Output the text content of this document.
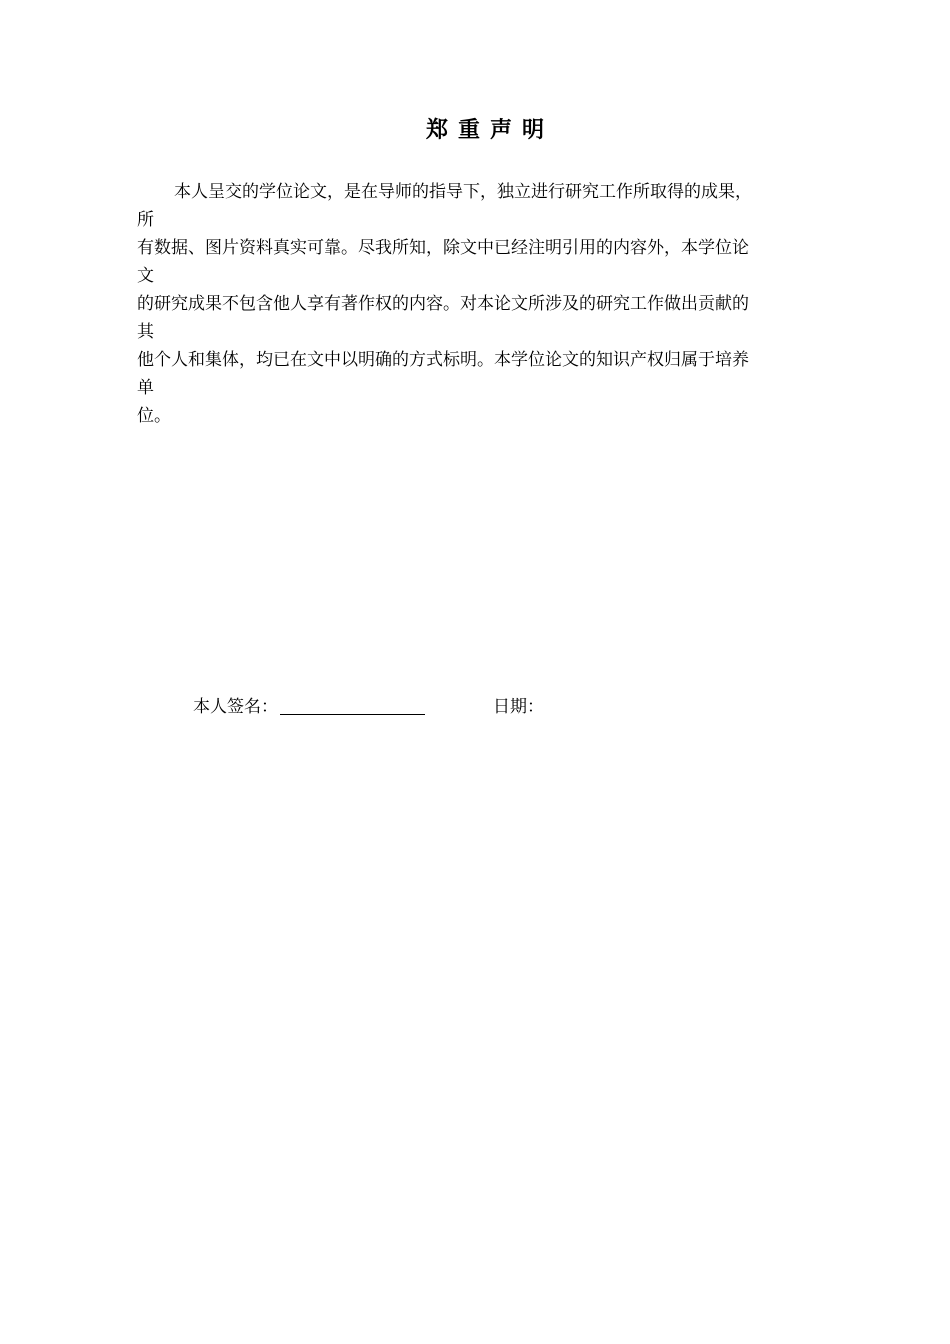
郑 重 声 明
本人呈交的学位论文，是在导师的指导下，独立进行研究工作所取得的成果，
所
有数据、图片资料真实可靠。尽我所知，除文中已经注明引用的内容外，本学位论
文
的研究成果不包含他人享有著作权的内容。对本论文所涉及的研究工作做出贡献的
其
他个人和集体，均已在文中以明确的方式标明。本学位论文的知识产权归属于培养
单
位。
本人签名：	日期：
